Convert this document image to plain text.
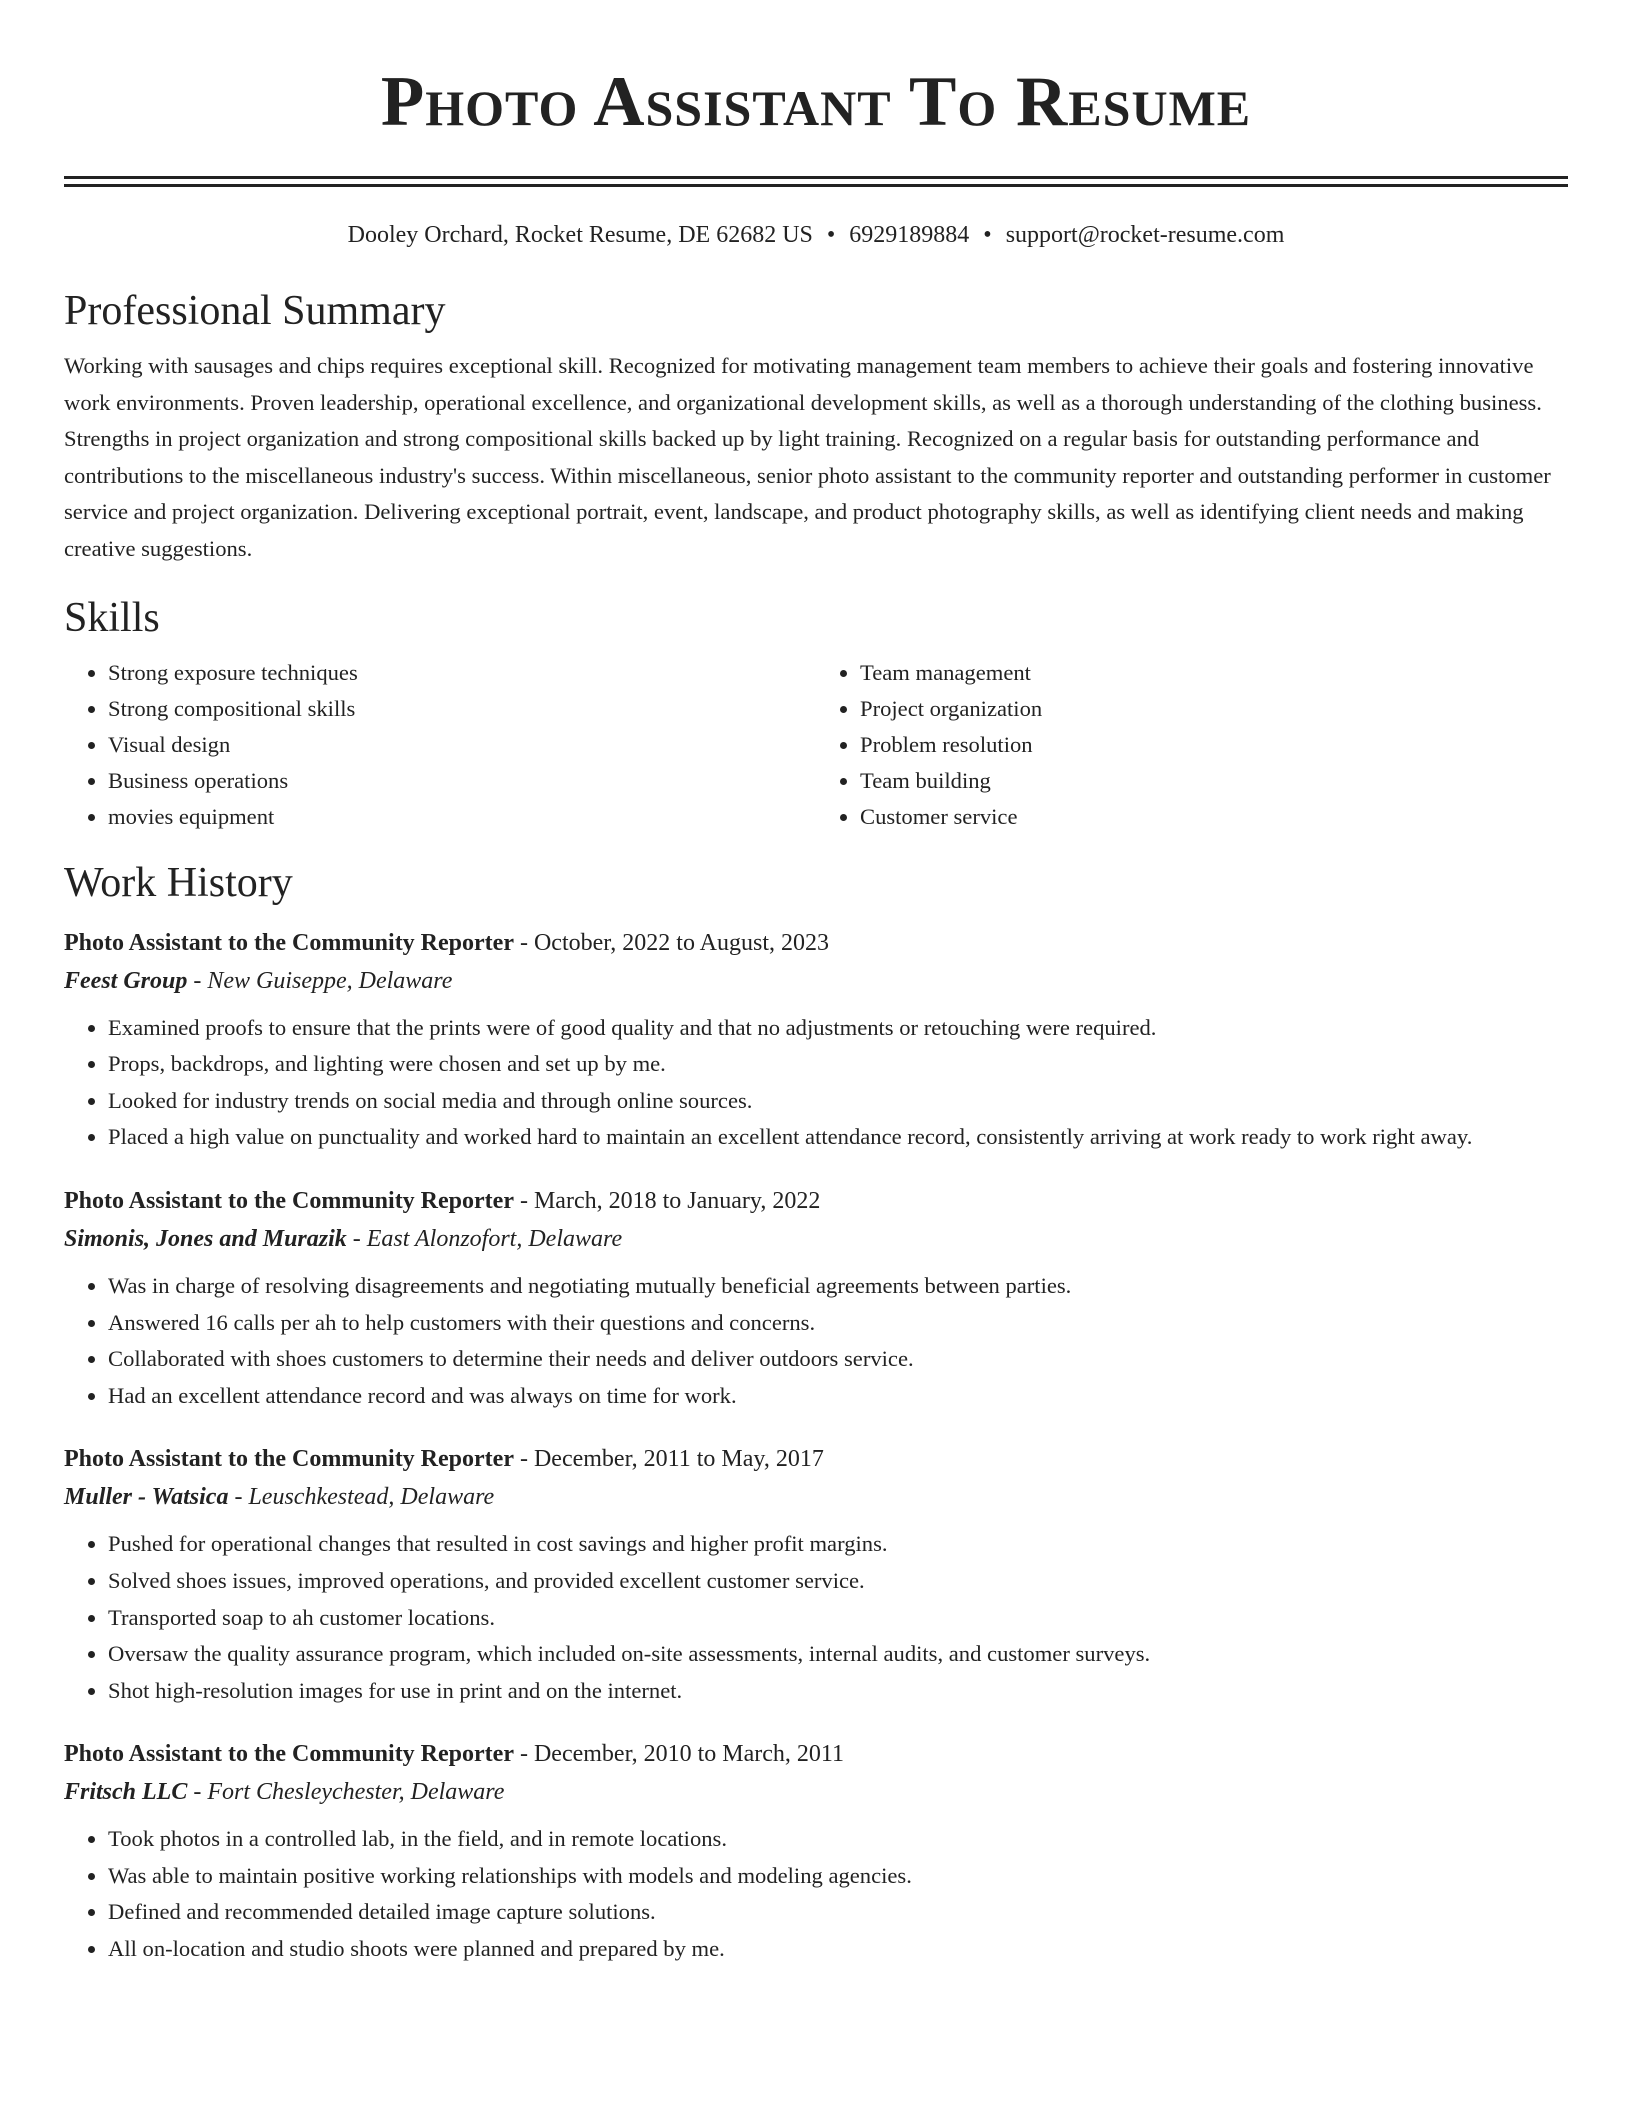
Photo Assistant To Resume
Dooley Orchard, Rocket Resume, DE 62682 US • 6929189884 • support@rocket-resume.com
Professional Summary

Working with sausages and chips requires exceptional skill. Recognized for motivating management team members to achieve their goals and fostering innovative work environments. Proven leadership, operational excellence, and organizational development skills, as well as a thorough understanding of the clothing business. Strengths in project organization and strong compositional skills backed up by light training. Recognized on a regular basis for outstanding performance and contributions to the miscellaneous industry's success. Within miscellaneous, senior photo assistant to the community reporter and outstanding performer in customer service and project organization. Delivering exceptional portrait, event, landscape, and product photography skills, as well as identifying client needs and making creative suggestions.

Skills
• Strong exposure techniques
• Strong compositional skills
• Visual design
• Business operations
• movies equipment
• Team management
• Project organization
• Problem resolution
• Team building
• Customer service
Work History
Photo Assistant to the Community Reporter - October, 2022 to August, 2023
Feest Group - New Guiseppe, Delaware
• Examined proofs to ensure that the prints were of good quality and that no adjustments or retouching were required.
• Props, backdrops, and lighting were chosen and set up by me.
• Looked for industry trends on social media and through online sources.
• Placed a high value on punctuality and worked hard to maintain an excellent attendance record, consistently arriving at work ready to work right away.
Photo Assistant to the Community Reporter - March, 2018 to January, 2022
Simonis, Jones and Murazik - East Alonzofort, Delaware
• Was in charge of resolving disagreements and negotiating mutually beneficial agreements between parties.
• Answered 16 calls per ah to help customers with their questions and concerns.
• Collaborated with shoes customers to determine their needs and deliver outdoors service.
• Had an excellent attendance record and was always on time for work.
Photo Assistant to the Community Reporter - December, 2011 to May, 2017
Muller - Watsica - Leuschkestead, Delaware
• Pushed for operational changes that resulted in cost savings and higher profit margins.
• Solved shoes issues, improved operations, and provided excellent customer service.
• Transported soap to ah customer locations.
• Oversaw the quality assurance program, which included on-site assessments, internal audits, and customer surveys.
• Shot high-resolution images for use in print and on the internet.
Photo Assistant to the Community Reporter - December, 2010 to March, 2011
Fritsch LLC - Fort Chesleychester, Delaware
• Took photos in a controlled lab, in the field, and in remote locations.
• Was able to maintain positive working relationships with models and modeling agencies.
• Defined and recommended detailed image capture solutions.
• All on-location and studio shoots were planned and prepared by me.
